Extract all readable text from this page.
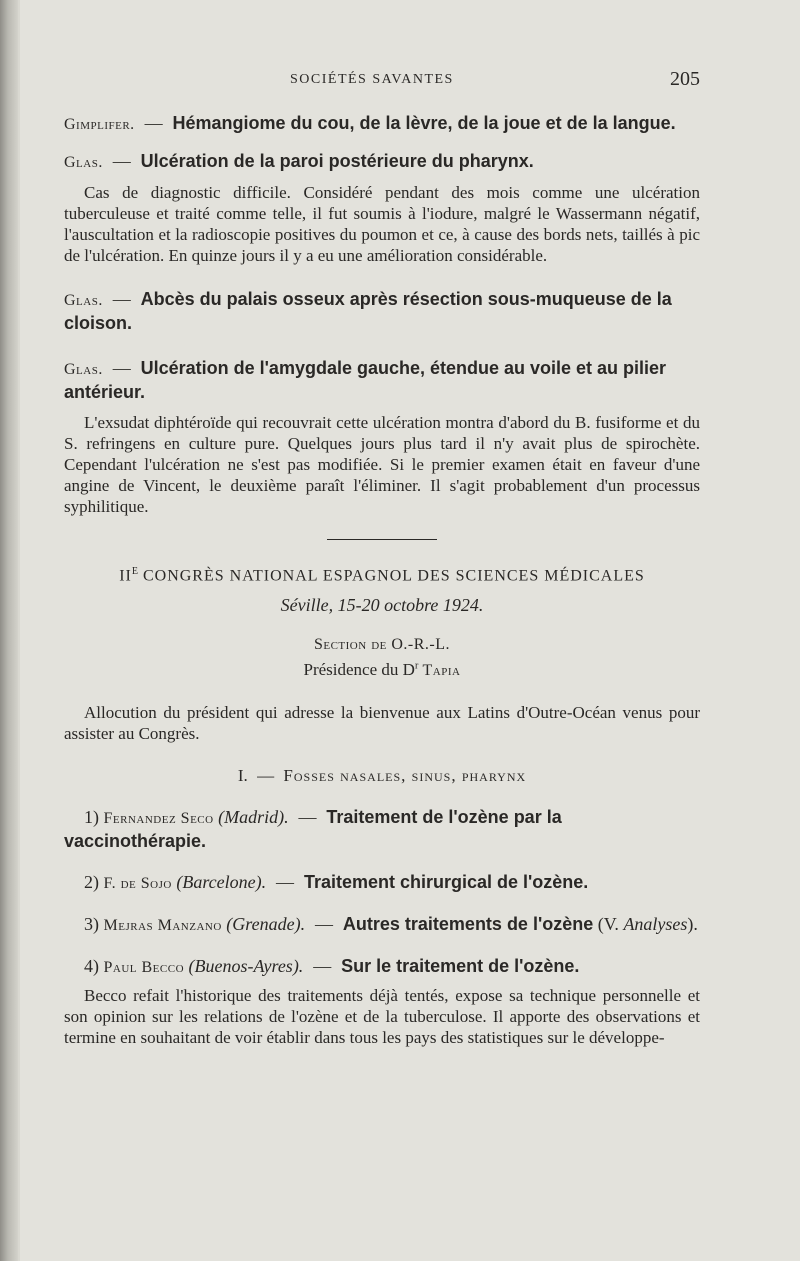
SOCIÉTÉS SAVANTES	205

Gimplifer. — Hémangiome du cou, de la lèvre, de la joue et de la langue.

Glas. — Ulcération de la paroi postérieure du pharynx.

Cas de diagnostic difficile. Considéré pendant des mois comme une ulcération tuberculeuse et traité comme telle, il fut soumis à l'iodure, malgré le Wassermann négatif, l'auscultation et la radioscopie positives du poumon et ce, à cause des bords nets, taillés à pic de l'ulcération. En quinze jours il y a eu une amélioration considérable.

Glas. — Abcès du palais osseux après résection sous-muqueuse de la cloison.

Glas. — Ulcération de l'amygdale gauche, étendue au voile et au pilier antérieur.

L'exsudat diphtéroïde qui recouvrait cette ulcération montra d'abord du B. fusiforme et du S. refringens en culture pure. Quelques jours plus tard il n'y avait plus de spirochète. Cependant l'ulcération ne s'est pas modifiée. Si le premier examen était en faveur d'une angine de Vincent, le deuxième paraît l'éliminer. Il s'agit probablement d'un processus syphilitique.

$II^E$ CONGRÈS NATIONAL ESPAGNOL DES SCIENCES MÉDICALES

Séville, 15-20 octobre 1924.

Section de O.-R.-L.

Présidence du $D^r$ Tapia

Allocution du président qui adresse la bienvenue aux Latins d'Outre-Océan venus pour assister au Congrès.

I. — Fosses nasales, sinus, pharynx

1) Fernandez Seco (Madrid). — Traitement de l'ozène par la vaccinothérapie.

2) F. de Sojo (Barcelone). — Traitement chirurgical de l'ozène.

3) Mejras Manzano (Grenade). — Autres traitements de l'ozène (V. Analyses).

4) Paul Becco (Buenos-Ayres). — Sur le traitement de l'ozène.

Becco refait l'historique des traitements déjà tentés, expose sa technique personnelle et son opinion sur les relations de l'ozène et de la tuberculose. Il apporte des observations et termine en souhaitant de voir établir dans tous les pays des statistiques sur le développe-
